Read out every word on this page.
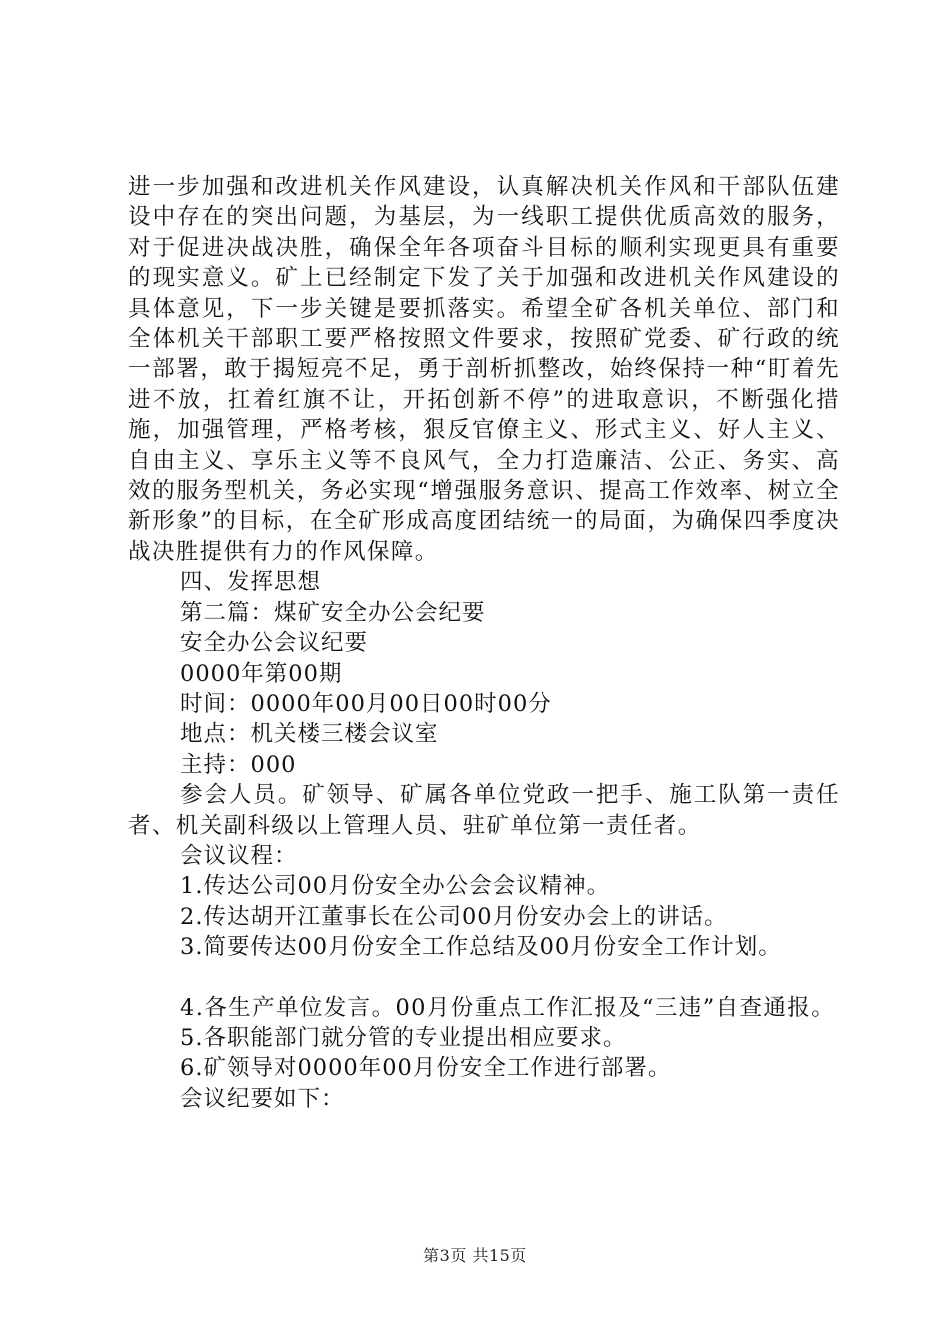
进一步加强和改进机关作风建设，认真解决机关作风和干部队伍建设中存在的突出问题，为基层，为一线职工提供优质高效的服务，对于促进决战决胜，确保全年各项奋斗目标的顺利实现更具有重要的现实意义。矿上已经制定下发了关于加强和改进机关作风建设的具体意见，下一步关键是要抓落实。希望全矿各机关单位、部门和全体机关干部职工要严格按照文件要求，按照矿党委、矿行政的统一部署，敢于揭短亮不足，勇于剖析抓整改，始终保持一种“盯着先进不放，扛着红旗不让，开拓创新不停”的进取意识，不断强化措施，加强管理，严格考核，狠反官僚主义、形式主义、好人主义、自由主义、享乐主义等不良风气，全力打造廉洁、公正、务实、高效的服务型机关，务必实现“增强服务意识、提高工作效率、树立全新形象”的目标，在全矿形成高度团结统一的局面，为确保四季度决战决胜提供有力的作风保障。

四、发挥思想
第二篇：煤矿安全办公会纪要
安全办公会议纪要
0000年第00期
时间：0000年00月00日00时00分
地点：机关楼三楼会议室
主持：000

参会人员。矿领导、矿属各单位党政一把手、施工队第一责任者、机关副科级以上管理人员、驻矿单位第一责任者。

会议议程：
1.传达公司00月份安全办公会会议精神。
2.传达胡开江董事长在公司00月份安办会上的讲话。
3.简要传达00月份安全工作总结及00月份安全工作计划。

4.各生产单位发言。00月份重点工作汇报及“三违”自查通报。

5.各职能部门就分管的专业提出相应要求。
6.矿领导对0000年00月份安全工作进行部署。
会议纪要如下：
第3页 共15页
